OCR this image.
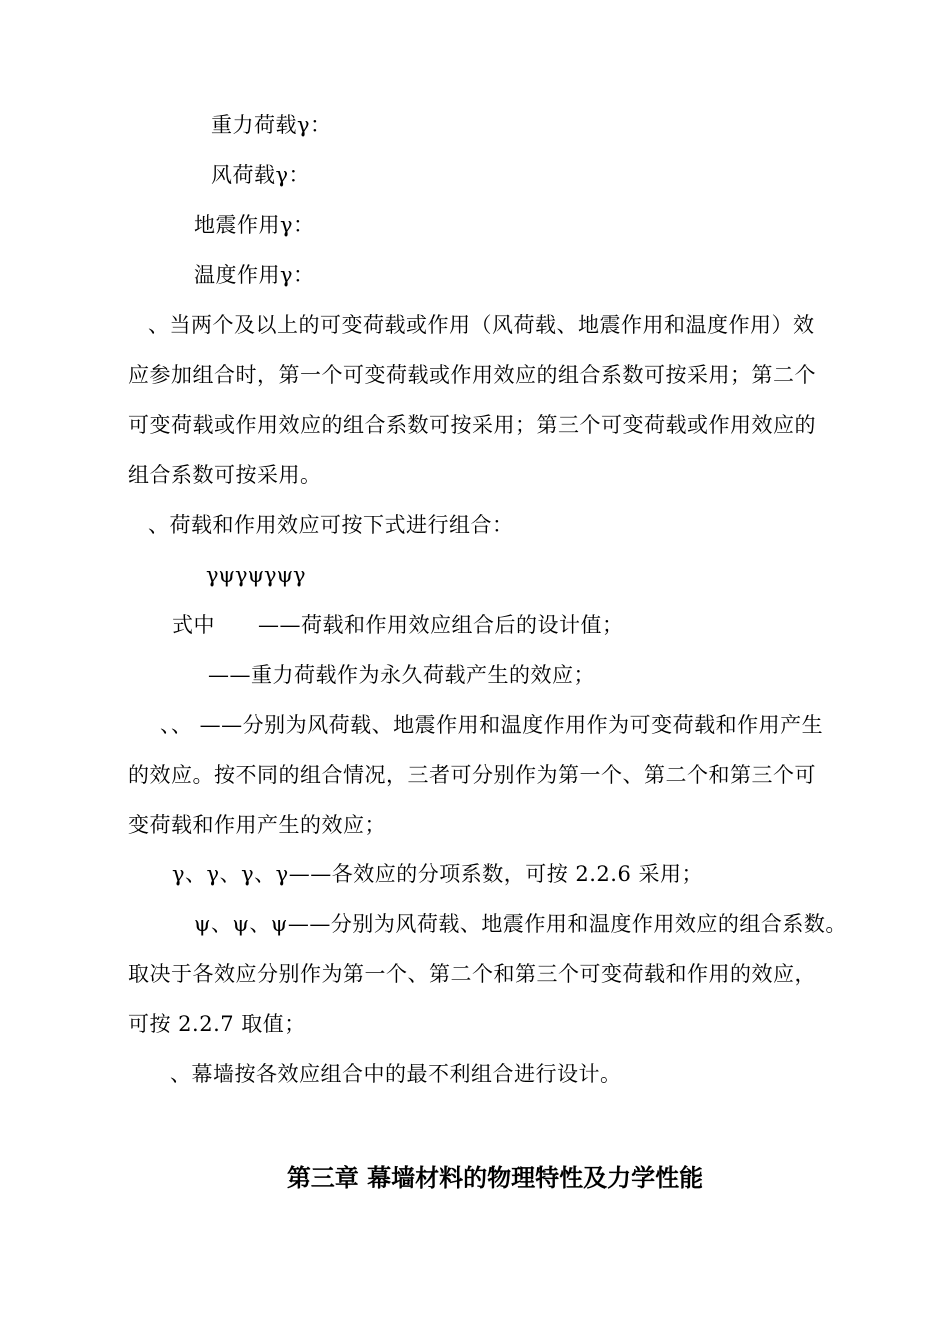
重力荷载γ：
风荷载γ：
地震作用γ：
温度作用γ：
、当两个及以上的可变荷载或作用（风荷载、地震作用和温度作用）效
应参加组合时，第一个可变荷载或作用效应的组合系数可按采用；第二个
可变荷载或作用效应的组合系数可按采用；第三个可变荷载或作用效应的
组合系数可按采用。
、荷载和作用效应可按下式进行组合：
γψγψγψγ
式中　　——荷载和作用效应组合后的设计值；
——重力荷载作为永久荷载产生的效应；
、、 ——分别为风荷载、地震作用和温度作用作为可变荷载和作用产生
的效应。按不同的组合情况，三者可分别作为第一个、第二个和第三个可
变荷载和作用产生的效应；
γ、γ、γ、γ——各效应的分项系数，可按 2.2.6 采用；
ψ、ψ、ψ——分别为风荷载、地震作用和温度作用效应的组合系数。
取决于各效应分别作为第一个、第二个和第三个可变荷载和作用的效应，
可按 2.2.7 取值；
、幕墙按各效应组合中的最不利组合进行设计。
第三章 幕墙材料的物理特性及力学性能
